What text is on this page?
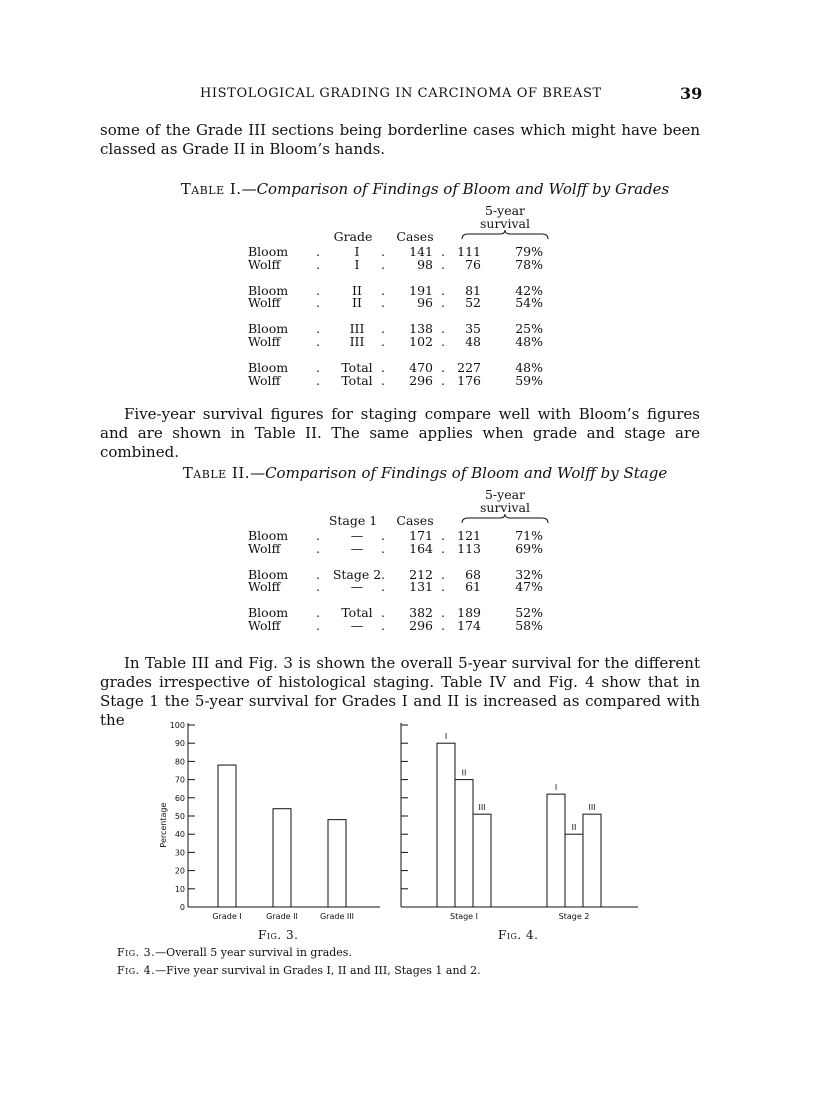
HISTOLOGICAL GRADING IN CARCINOMA OF BREAST	39

some of the Grade III sections being borderline cases which might have been classed as Grade II in Bloom’s hands.

Table I.—Comparison of Findings of Bloom and Wolff by Grades
5-year
survival
Grade	Cases
Bloom .	I	.	141 . 111	79%
Wolff	.	I	.	98 .	76	78%
Bloom .	II	.	191 .	81	42%
Wolff	.	II	.	96 .	52	54%
Bloom .	III	.	138 .	35	25%
Wolff	.	III	.	102 .	48	48%
Bloom .	Total .	470 . 227	48%
Wolff	.	Total .	296 . 176	59%

Five-year survival figures for staging compare well with Bloom’s figures and are shown in Table II. The same applies when grade and stage are combined.

Table II.—Comparison of Findings of Bloom and Wolff by Stage
5-year
survival
Stage 1	Cases
Bloom .	—	.	171 . 121	71%
Wolff	.	—	.	164 . 113	69%
Bloom .	Stage 2 .	212 .	68	32%
Wolff	.	—	.	131 .	61	47%
Bloom .	Total .	382 . 189	52%
Wolff	.	—	.	296 . 174	58%

In Table III and Fig. 3 is shown the overall 5-year survival for the different grades irrespective of histological staging. Table IV and Fig. 4 show that in Stage 1 the 5-year survival for Grades I and II is increased as compared with the

0
10
20
30
40
50
60
70
80
90
100
Percentage
Grade I	Grade II	Grade III
I
II
III
Stage I
I
II
III
Stage 2
Fig. 3.	Fig. 4.
Fig. 3.—Overall 5 year survival in grades.
Fig. 4.—Five year survival in Grades I, II and III, Stages 1 and 2.
